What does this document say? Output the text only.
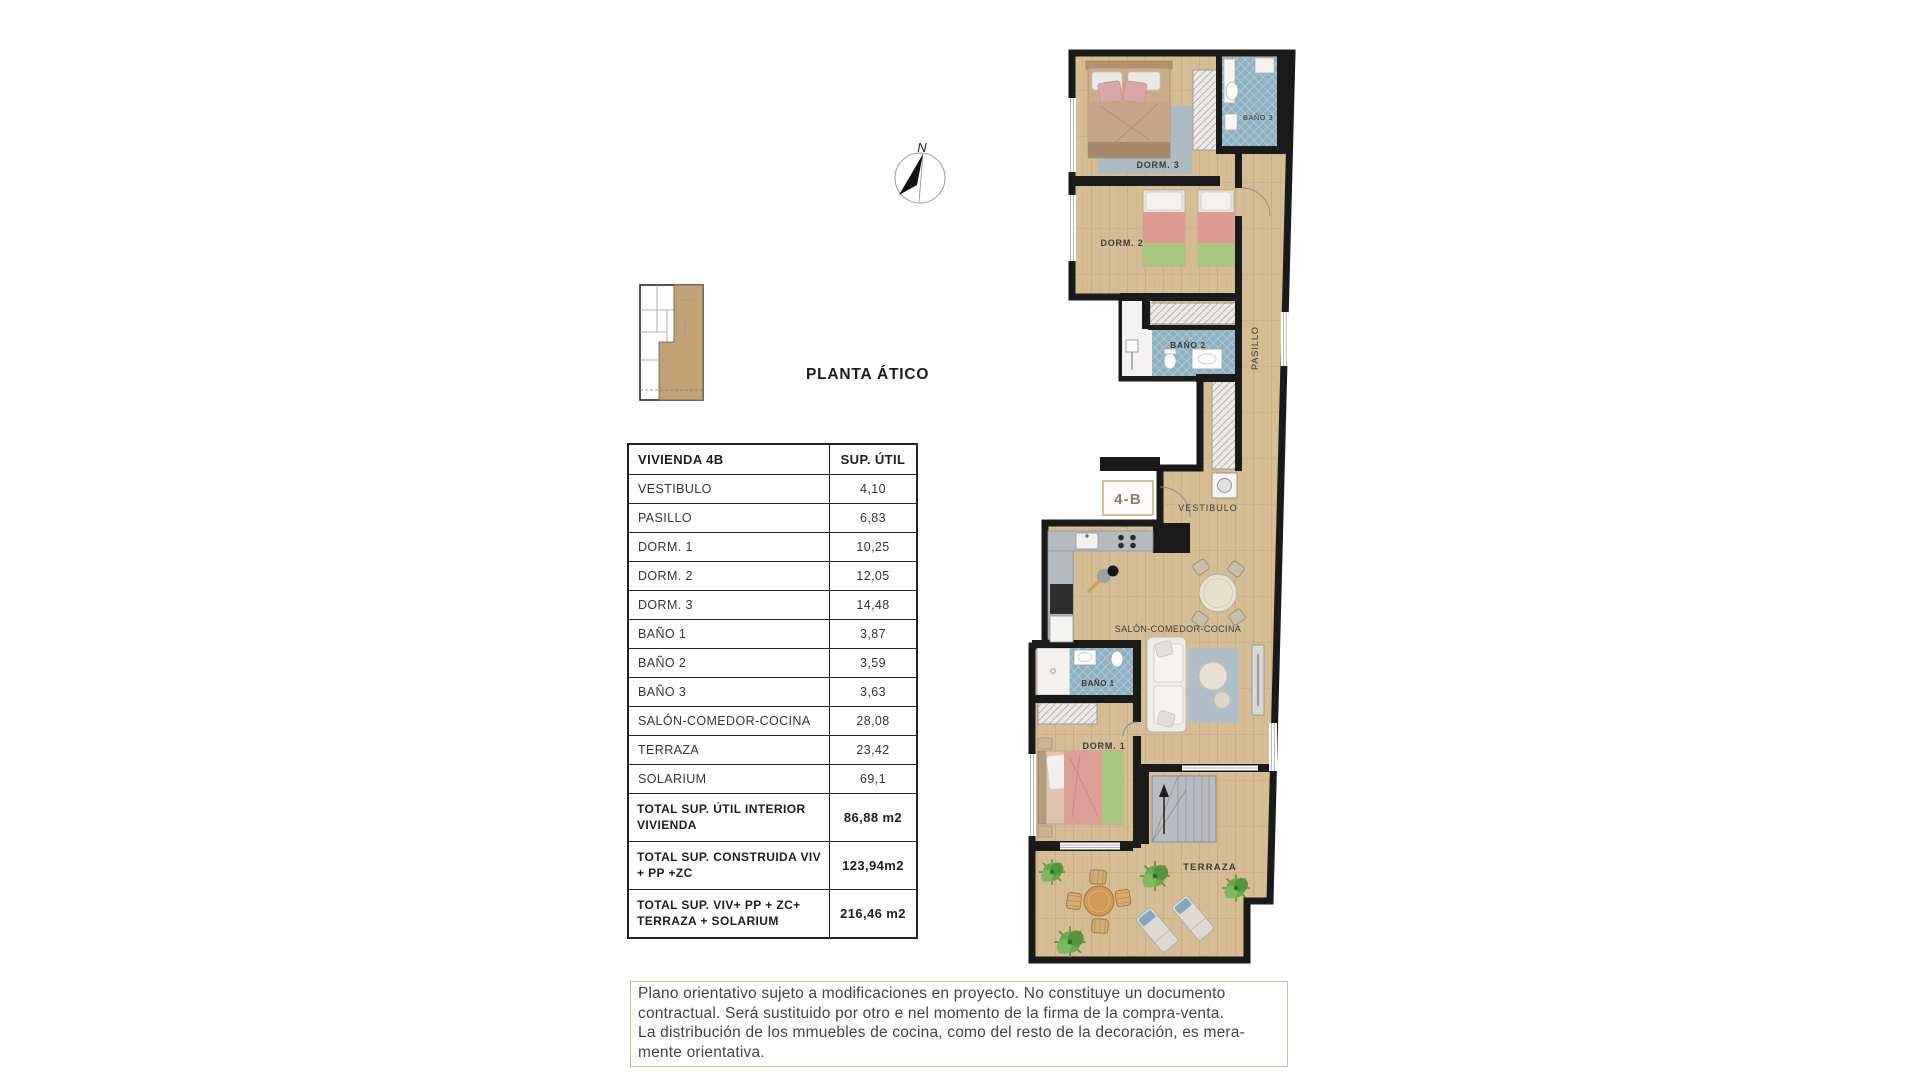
PLANTA ÁTICO
N
VIVIENDA 4B	SUP. ÚTIL
VESTIBULO	4,10
PASILLO	6,83
DORM. 1	10,25
DORM. 2	12,05
DORM. 3	14,48
BAÑO 1	3,87
BAÑO 2	3,59
BAÑO 3	3,63
SALÓN-COMEDOR-COCINA	28,08
TERRAZA	23,42
SOLARIUM	69,1
TOTAL SUP. ÚTIL INTERIOR VIVIENDA	86,88 m2
TOTAL SUP. CONSTRUIDA VIV + PP +ZC	123,94m2
TOTAL SUP. VIV+ PP + ZC+ TERRAZA + SOLARIUM	216,46 m2
DORM. 3
BAÑO 3
DORM. 2
BAÑO 2	PASILLO
VESTIBULO
SALÓN-COMEDOR-COCINA
BAÑO 1
DORM. 1
TERRAZA
4-B
Plano orientativo sujeto a modificaciones en proyecto. No constituye un documento
contractual. Será sustituido por otro e nel momento de la firma de la compra-venta.
La distribución de los mmuebles de cocina, como del resto de la decoración, es mera-
mente orientativa.
